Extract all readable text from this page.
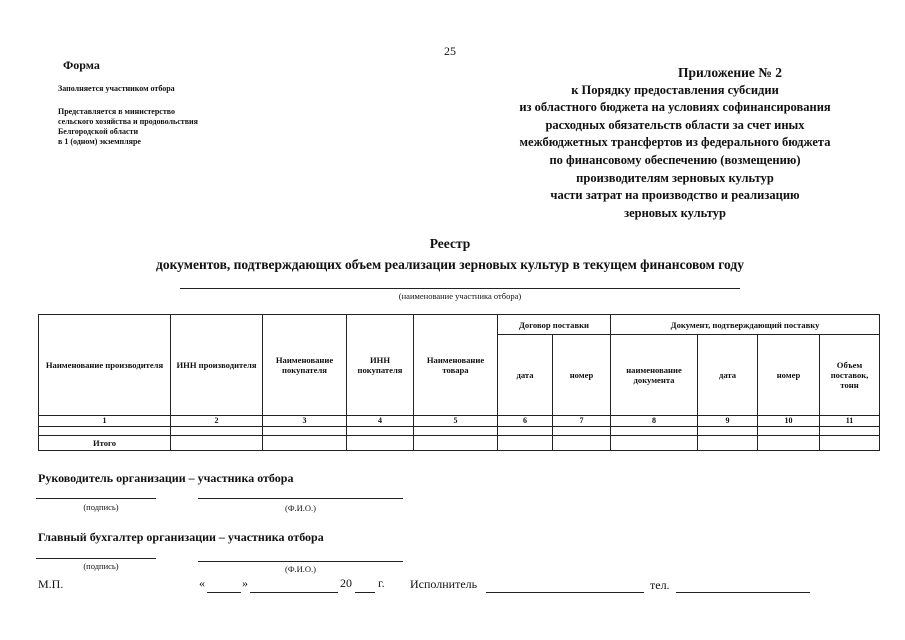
25
Форма
Заполняется участником отбора
Представляется в министерство
сельского хозяйства и продовольствия
Белгородской области
в 1 (одном) экземпляре
Приложение № 2
к Порядку предоставления субсидии
из областного бюджета на условиях софинансирования
расходных обязательств области за счет иных
межбюджетных трансфертов из федерального бюджета
по финансовому обеспечению (возмещению)
производителям зерновых культур
части затрат на производство и реализацию
зерновых культур
Реестр
документов, подтверждающих объем реализации зерновых культур в текущем финансовом году
(наименование участника отбора)
Наименование производителя	ИНН производителя	Наименование покупателя	ИНН покупателя	Наименование товара	Договор поставки		Документ, подтверждающий поставку			
					дата	номер	наименование документа	дата	номер	Объем поставок, тонн
1	2	3	4	5	6	7	8	9	10	11

Итого										
Руководитель организации – участника отбора
(подпись)	(Ф.И.О.)
Главный бухгалтер организации – участника отбора
(подпись)	(Ф.И.О.)
М.П.	«	»	20 г. Исполнитель	тел.
